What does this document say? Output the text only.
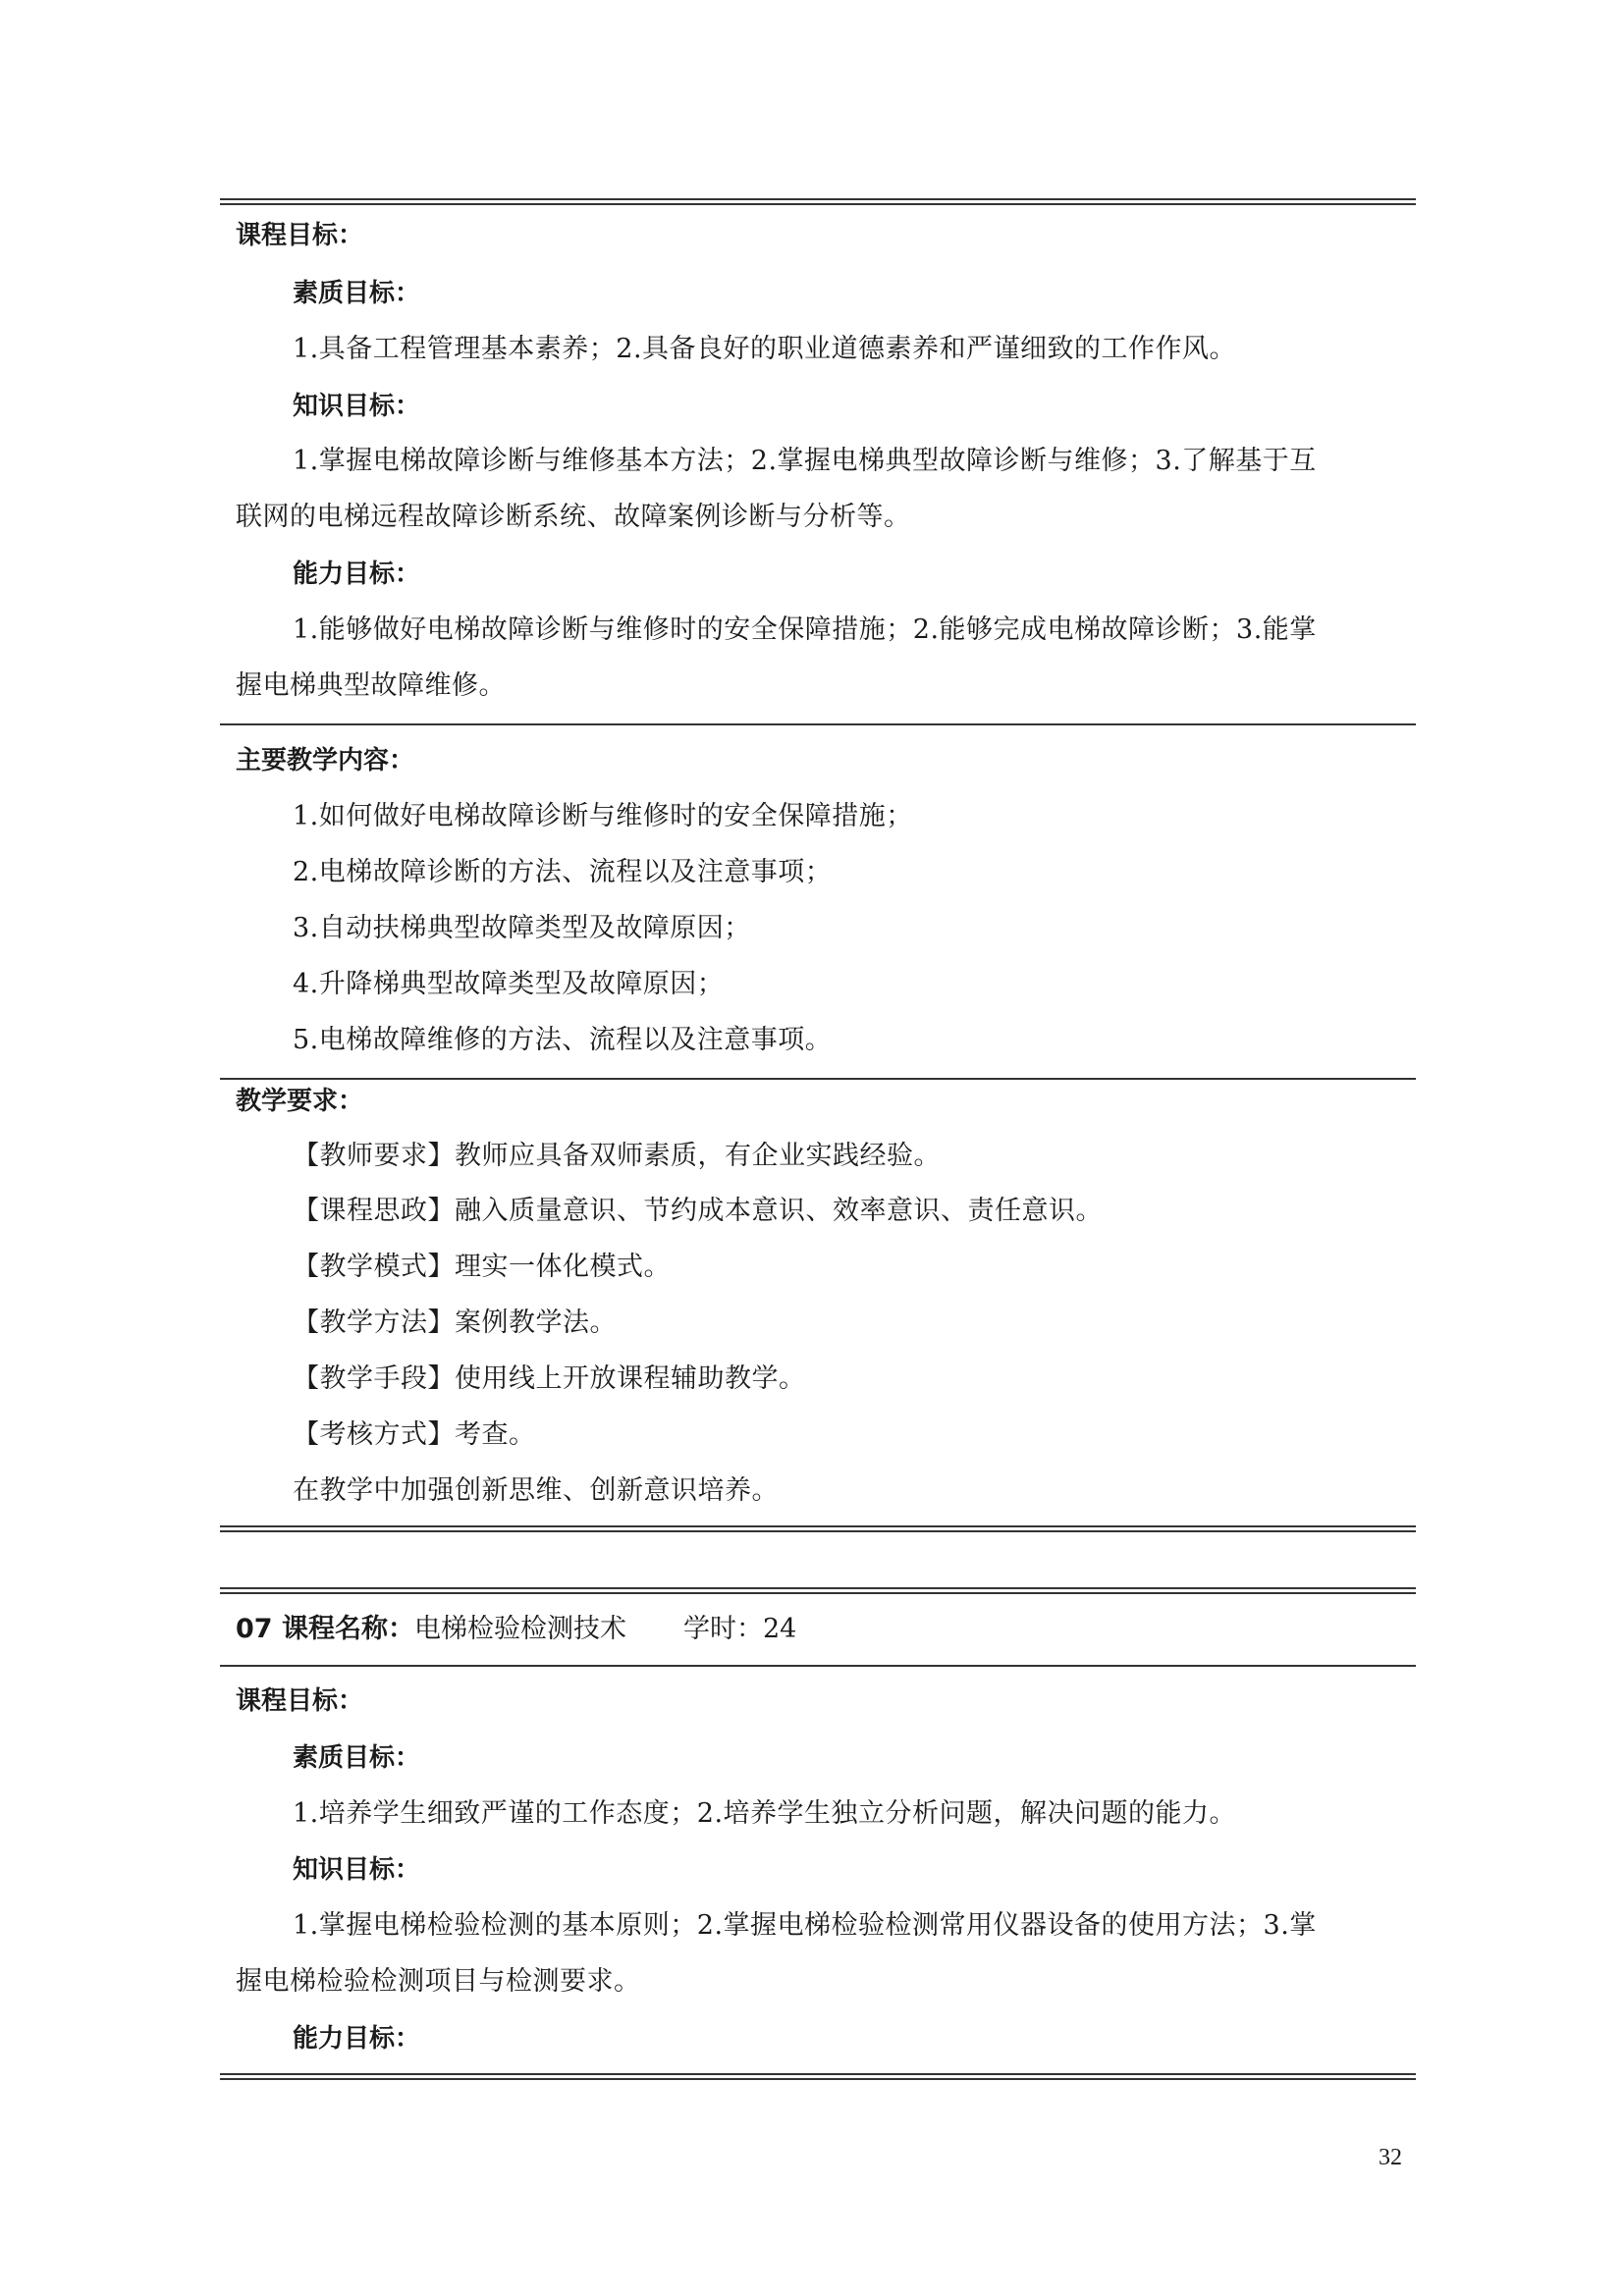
课程目标：
素质目标：
1.具备工程管理基本素养；2.具备良好的职业道德素养和严谨细致的工作作风。
知识目标：
1.掌握电梯故障诊断与维修基本方法；2.掌握电梯典型故障诊断与维修；3.了解基于互
联网的电梯远程故障诊断系统、故障案例诊断与分析等。
能力目标：
1.能够做好电梯故障诊断与维修时的安全保障措施；2.能够完成电梯故障诊断；3.能掌
握电梯典型故障维修。
主要教学内容：
1.如何做好电梯故障诊断与维修时的安全保障措施；
2.电梯故障诊断的方法、流程以及注意事项；
3.自动扶梯典型故障类型及故障原因；
4.升降梯典型故障类型及故障原因；
5.电梯故障维修的方法、流程以及注意事项。
教学要求：
【教师要求】教师应具备双师素质，有企业实践经验。
【课程思政】融入质量意识、节约成本意识、效率意识、责任意识。
【教学模式】理实一体化模式。
【教学方法】案例教学法。
【教学手段】使用线上开放课程辅助教学。
【考核方式】考查。
在教学中加强创新思维、创新意识培养。
07 课程名称：电梯检验检测技术 学时：24
课程目标：
素质目标：
1.培养学生细致严谨的工作态度；2.培养学生独立分析问题，解决问题的能力。
知识目标：
1.掌握电梯检验检测的基本原则；2.掌握电梯检验检测常用仪器设备的使用方法；3.掌
握电梯检验检测项目与检测要求。
能力目标：
32
